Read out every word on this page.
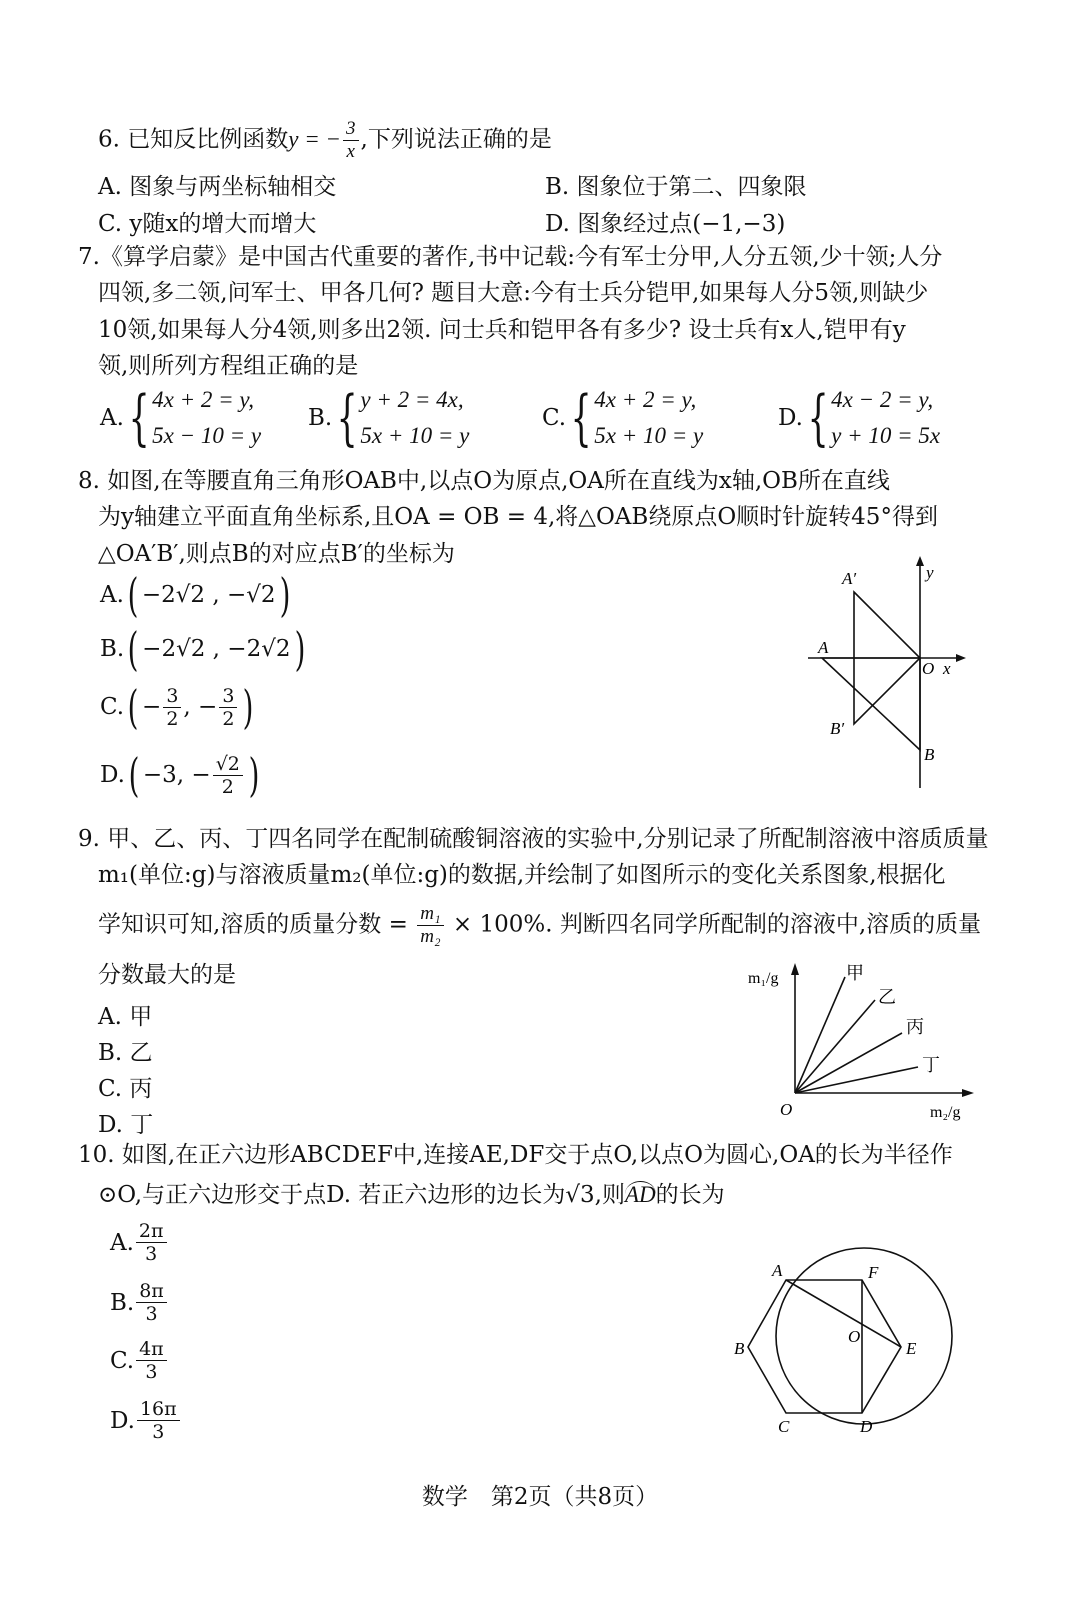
6. 已知反比例函数y = − $\frac{3}{x}$ ,下列说法正确的是
A. 图象与两坐标轴相交	B. 图象位于第二、四象限
C. y随x的增大而增大	D. 图象经过点(−1,−3)
7.《算学启蒙》是中国古代重要的著作,书中记载:今有军士分甲,人分五领,少十领;人分
四领,多二领,问军士、甲各几何? 题目大意:今有士兵分铠甲,如果每人分5领,则缺少
10领,如果每人分4领,则多出2领. 问士兵和铠甲各有多少? 设士兵有x人,铠甲有y
领,则所列方程组正确的是
A. { 4x + 2 = y,
5x − 10 = y
B. { y + 2 = 4x,
5x + 10 = y
C. { 4x + 2 = y,
5x + 10 = y
D. { 4x − 2 = y,
y + 10 = 5x
8. 如图,在等腰直角三角形OAB中,以点O为原点,OA所在直线为x轴,OB所在直线
为y轴建立平面直角坐标系,且OA = OB = 4,将△OAB绕原点O顺时针旋转45°得到
△OA′B′,则点B的对应点B′的坐标为
A. ( −2√2 , −√2 )
B. ( −2√2 , −2√2 )
C. ( − $\frac{3}{2}$ , − $\frac{3}{2}$ )
D. ( −3, − $\frac{√2}{2}$ )
A′	y
A
O x
B′
B
9. 甲、乙、丙、丁四名同学在配制硫酸铜溶液的实验中,分别记录了所配制溶液中溶质质量
m₁(单位:g)与溶液质量m₂(单位:g)的数据,并绘制了如图所示的变化关系图象,根据化
学知识可知,溶质的质量分数 = $\frac{\text{m₁}}{\text{m₂}} \times 100\%$. 判断四名同学所配制的溶液中,溶质的质量
分数最大的是
A. 甲
B. 乙
C. 丙
D. 丁
m₁/g
m₂/g
O
甲
乙
丙
丁
10. 如图,在正六边形ABCDEF中,连接AE,DF交于点O,以点O为圆心,OA的长为半径作
⊙O,与正六边形交于点D. 若正六边形的边长为√3,则AD的长为
A. $\frac{2\pi}{3}$
B. $\frac{8\pi}{3}$
C. $\frac{4\pi}{3}$
D. $\frac{16\pi}{3}$
A	F
O
B	E
C	D
数学　第2页（共8页）
